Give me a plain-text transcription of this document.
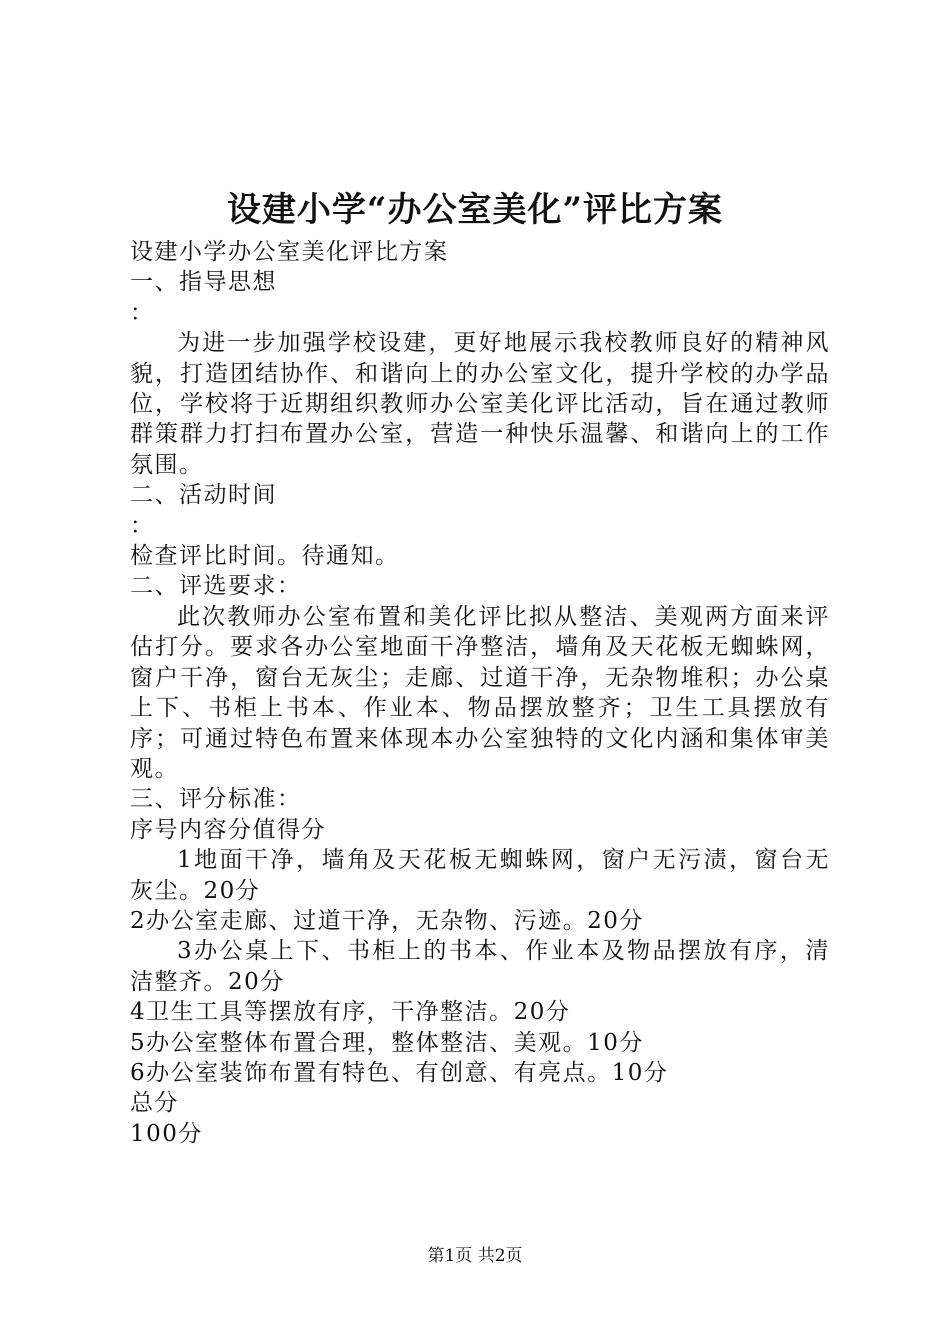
设建小学“办公室美化”评比方案

设建小学办公室美化评比方案

一、指导思想

：

为进一步加强学校设建，更好地展示我校教师良好的精神风貌，打造团结协作、和谐向上的办公室文化，提升学校的办学品位，学校将于近期组织教师办公室美化评比活动，旨在通过教师群策群力打扫布置办公室，营造一种快乐温馨、和谐向上的工作氛围。

二、活动时间

：

检查评比时间。待通知。

二、评选要求：

此次教师办公室布置和美化评比拟从整洁、美观两方面来评估打分。要求各办公室地面干净整洁，墙角及天花板无蜘蛛网，窗户干净，窗台无灰尘；走廊、过道干净，无杂物堆积；办公桌上下、书柜上书本、作业本、物品摆放整齐；卫生工具摆放有序；可通过特色布置来体现本办公室独特的文化内涵和集体审美观。

三、评分标准：

序号内容分值得分

1地面干净，墙角及天花板无蜘蛛网，窗户无污渍，窗台无灰尘。20分

2办公室走廊、过道干净，无杂物、污迹。20分

3办公桌上下、书柜上的书本、作业本及物品摆放有序，清洁整齐。20分

4卫生工具等摆放有序，干净整洁。20分

5办公室整体布置合理，整体整洁、美观。10分

6办公室装饰布置有特色、有创意、有亮点。10分

总分

100分

第1页 共2页
